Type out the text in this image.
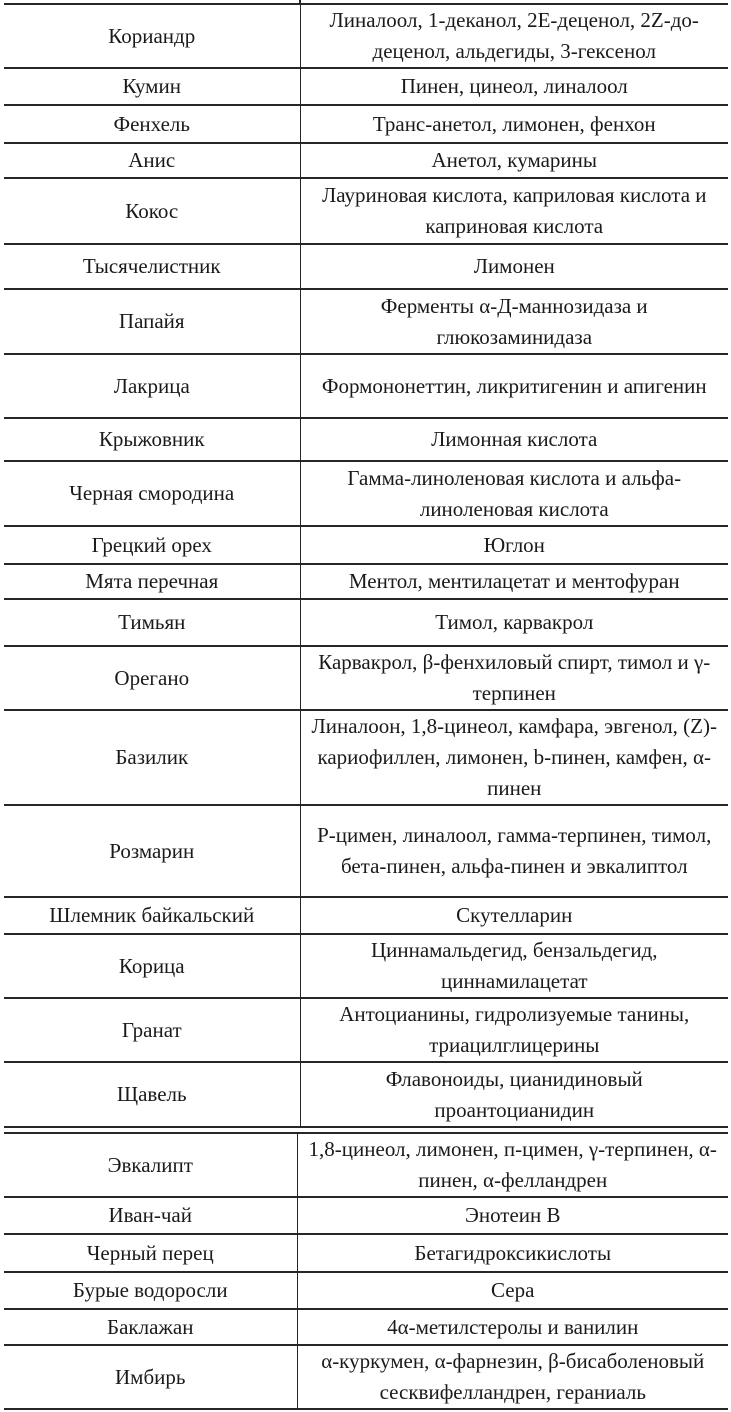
Кориандр	Линалоол, 1-деканол, 2E-деценол, 2Z-до-деценол, альдегиды, 3-гексенол
Кумин	Пинен, цинеол, линалоол
Фенхель	Транс-анетол, лимонен, фенхон
Анис	Анетол, кумарины
Кокос	Лауриновая кислота, каприловая кислота и каприновая кислота
Тысячелистник	Лимонен
Папайя	Ферменты α-Д-маннозидаза и глюкозаминидаза
Лакрица	Формононеттин, ликритигенин и апигенин
Крыжовник	Лимонная кислота
Черная смородина	Гамма-линоленовая кислота и альфа-линоленовая кислота
Грецкий орех	Юглон
Мята перечная	Ментол, ментилацетат и ментофуран
Тимьян	Тимол, карвакрол
Орегано	Карвакрол, β-фенхиловый спирт, тимол и γ-терпинен
Базилик	Линалоон, 1,8-цинеол, камфара, эвгенол, (Z)-кариофиллен, лимонен, b-пинен, камфен, α-пинен
Розмарин	Р-цимен, линалоол, гамма-терпинен, тимол, бета-пинен, альфа-пинен и эвкалиптол
Шлемник байкальский	Скутелларин
Корица	Циннамальдегид, бензальдегид, циннамилацетат
Гранат	Антоцианины, гидролизуемые танины, триацилглицерины
Щавель	Флавоноиды, цианидиновый проантоцианидин
Эвкалипт	1,8-цинеол, лимонен, п-цимен, γ-терпинен, α-пинен, α-фелландрен
Иван-чай	Энотеин В
Черный перец	Бетагидроксикислоты
Бурые водоросли	Сера
Баклажан	4α-метилстеролы и ванилин
Имбирь	α-куркумен, α-фарнезин, β-бисаболеновый сесквифелландрен, гераниаль
